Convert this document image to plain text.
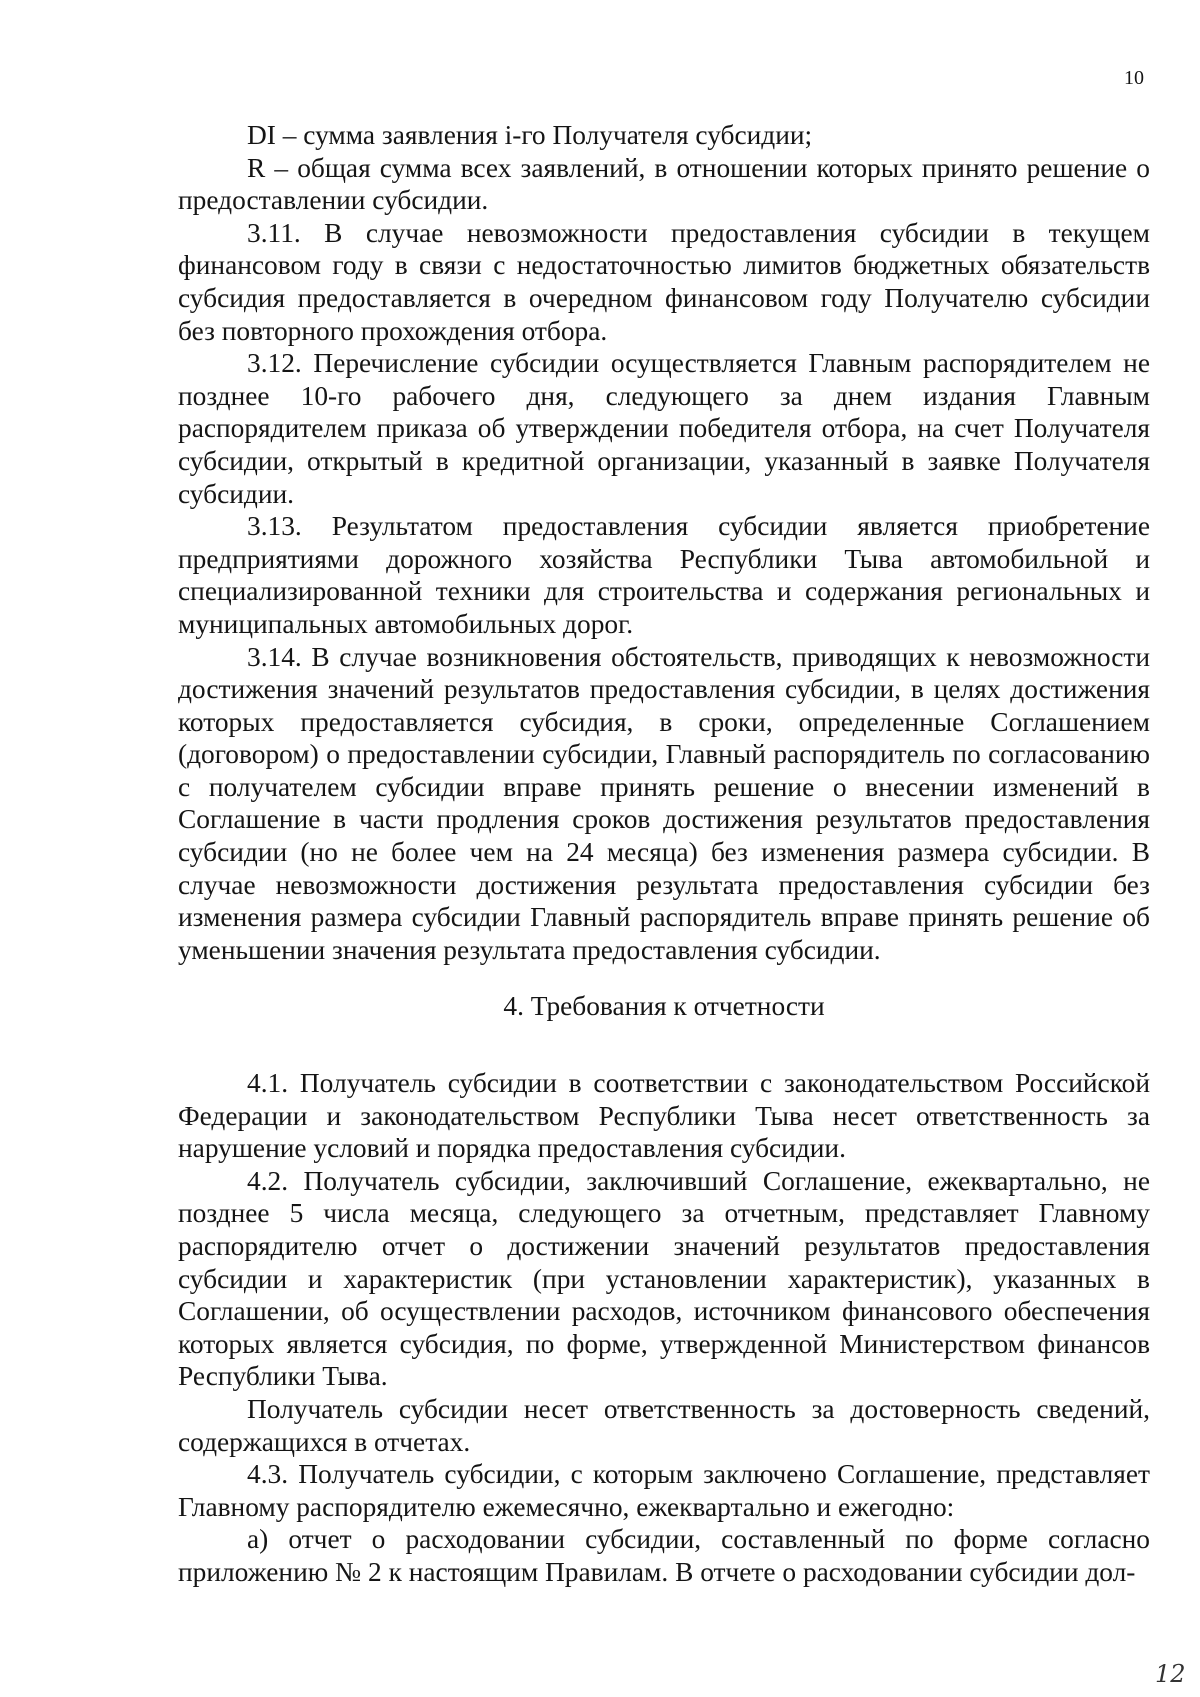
10

DI – сумма заявления i-го Получателя субсидии;

R – общая сумма всех заявлений, в отношении которых принято решение о предоставлении субсидии.

3.11. В случае невозможности предоставления субсидии в текущем финансовом году в связи с недостаточностью лимитов бюджетных обязательств субсидия предоставляется в очередном финансовом году Получателю субсидии без повторного прохождения отбора.

3.12. Перечисление субсидии осуществляется Главным распорядителем не позднее 10-го рабочего дня, следующего за днем издания Главным распорядителем приказа об утверждении победителя отбора, на счет Получателя субсидии, открытый в кредитной организации, указанный в заявке Получателя субсидии.

3.13. Результатом предоставления субсидии является приобретение предприятиями дорожного хозяйства Республики Тыва автомобильной и специализированной техники для строительства и содержания региональных и муниципальных автомобильных дорог.

3.14. В случае возникновения обстоятельств, приводящих к невозможности достижения значений результатов предоставления субсидии, в целях достижения которых предоставляется субсидия, в сроки, определенные Соглашением (договором) о предоставлении субсидии, Главный распорядитель по согласованию с получателем субсидии вправе принять решение о внесении изменений в Соглашение в части продления сроков достижения результатов предоставления субсидии (но не более чем на 24 месяца) без изменения размера субсидии. В случае невозможности достижения результата предоставления субсидии без изменения размера субсидии Главный распорядитель вправе принять решение об уменьшении значения результата предоставления субсидии.

4. Требования к отчетности

4.1. Получатель субсидии в соответствии с законодательством Российской Федерации и законодательством Республики Тыва несет ответственность за нарушение условий и порядка предоставления субсидии.

4.2. Получатель субсидии, заключивший Соглашение, ежеквартально, не позднее 5 числа месяца, следующего за отчетным, представляет Главному распорядителю отчет о достижении значений результатов предоставления субсидии и характеристик (при установлении характеристик), указанных в Соглашении, об осуществлении расходов, источником финансового обеспечения которых является субсидия, по форме, утвержденной Министерством финансов Республики Тыва.

Получатель субсидии несет ответственность за достоверность сведений, содержащихся в отчетах.

4.3. Получатель субсидии, с которым заключено Соглашение, представляет Главному распорядителю ежемесячно, ежеквартально и ежегодно:

а) отчет о расходовании субсидии, составленный по форме согласно приложению № 2 к настоящим Правилам. В отчете о расходовании субсидии дол-

12
